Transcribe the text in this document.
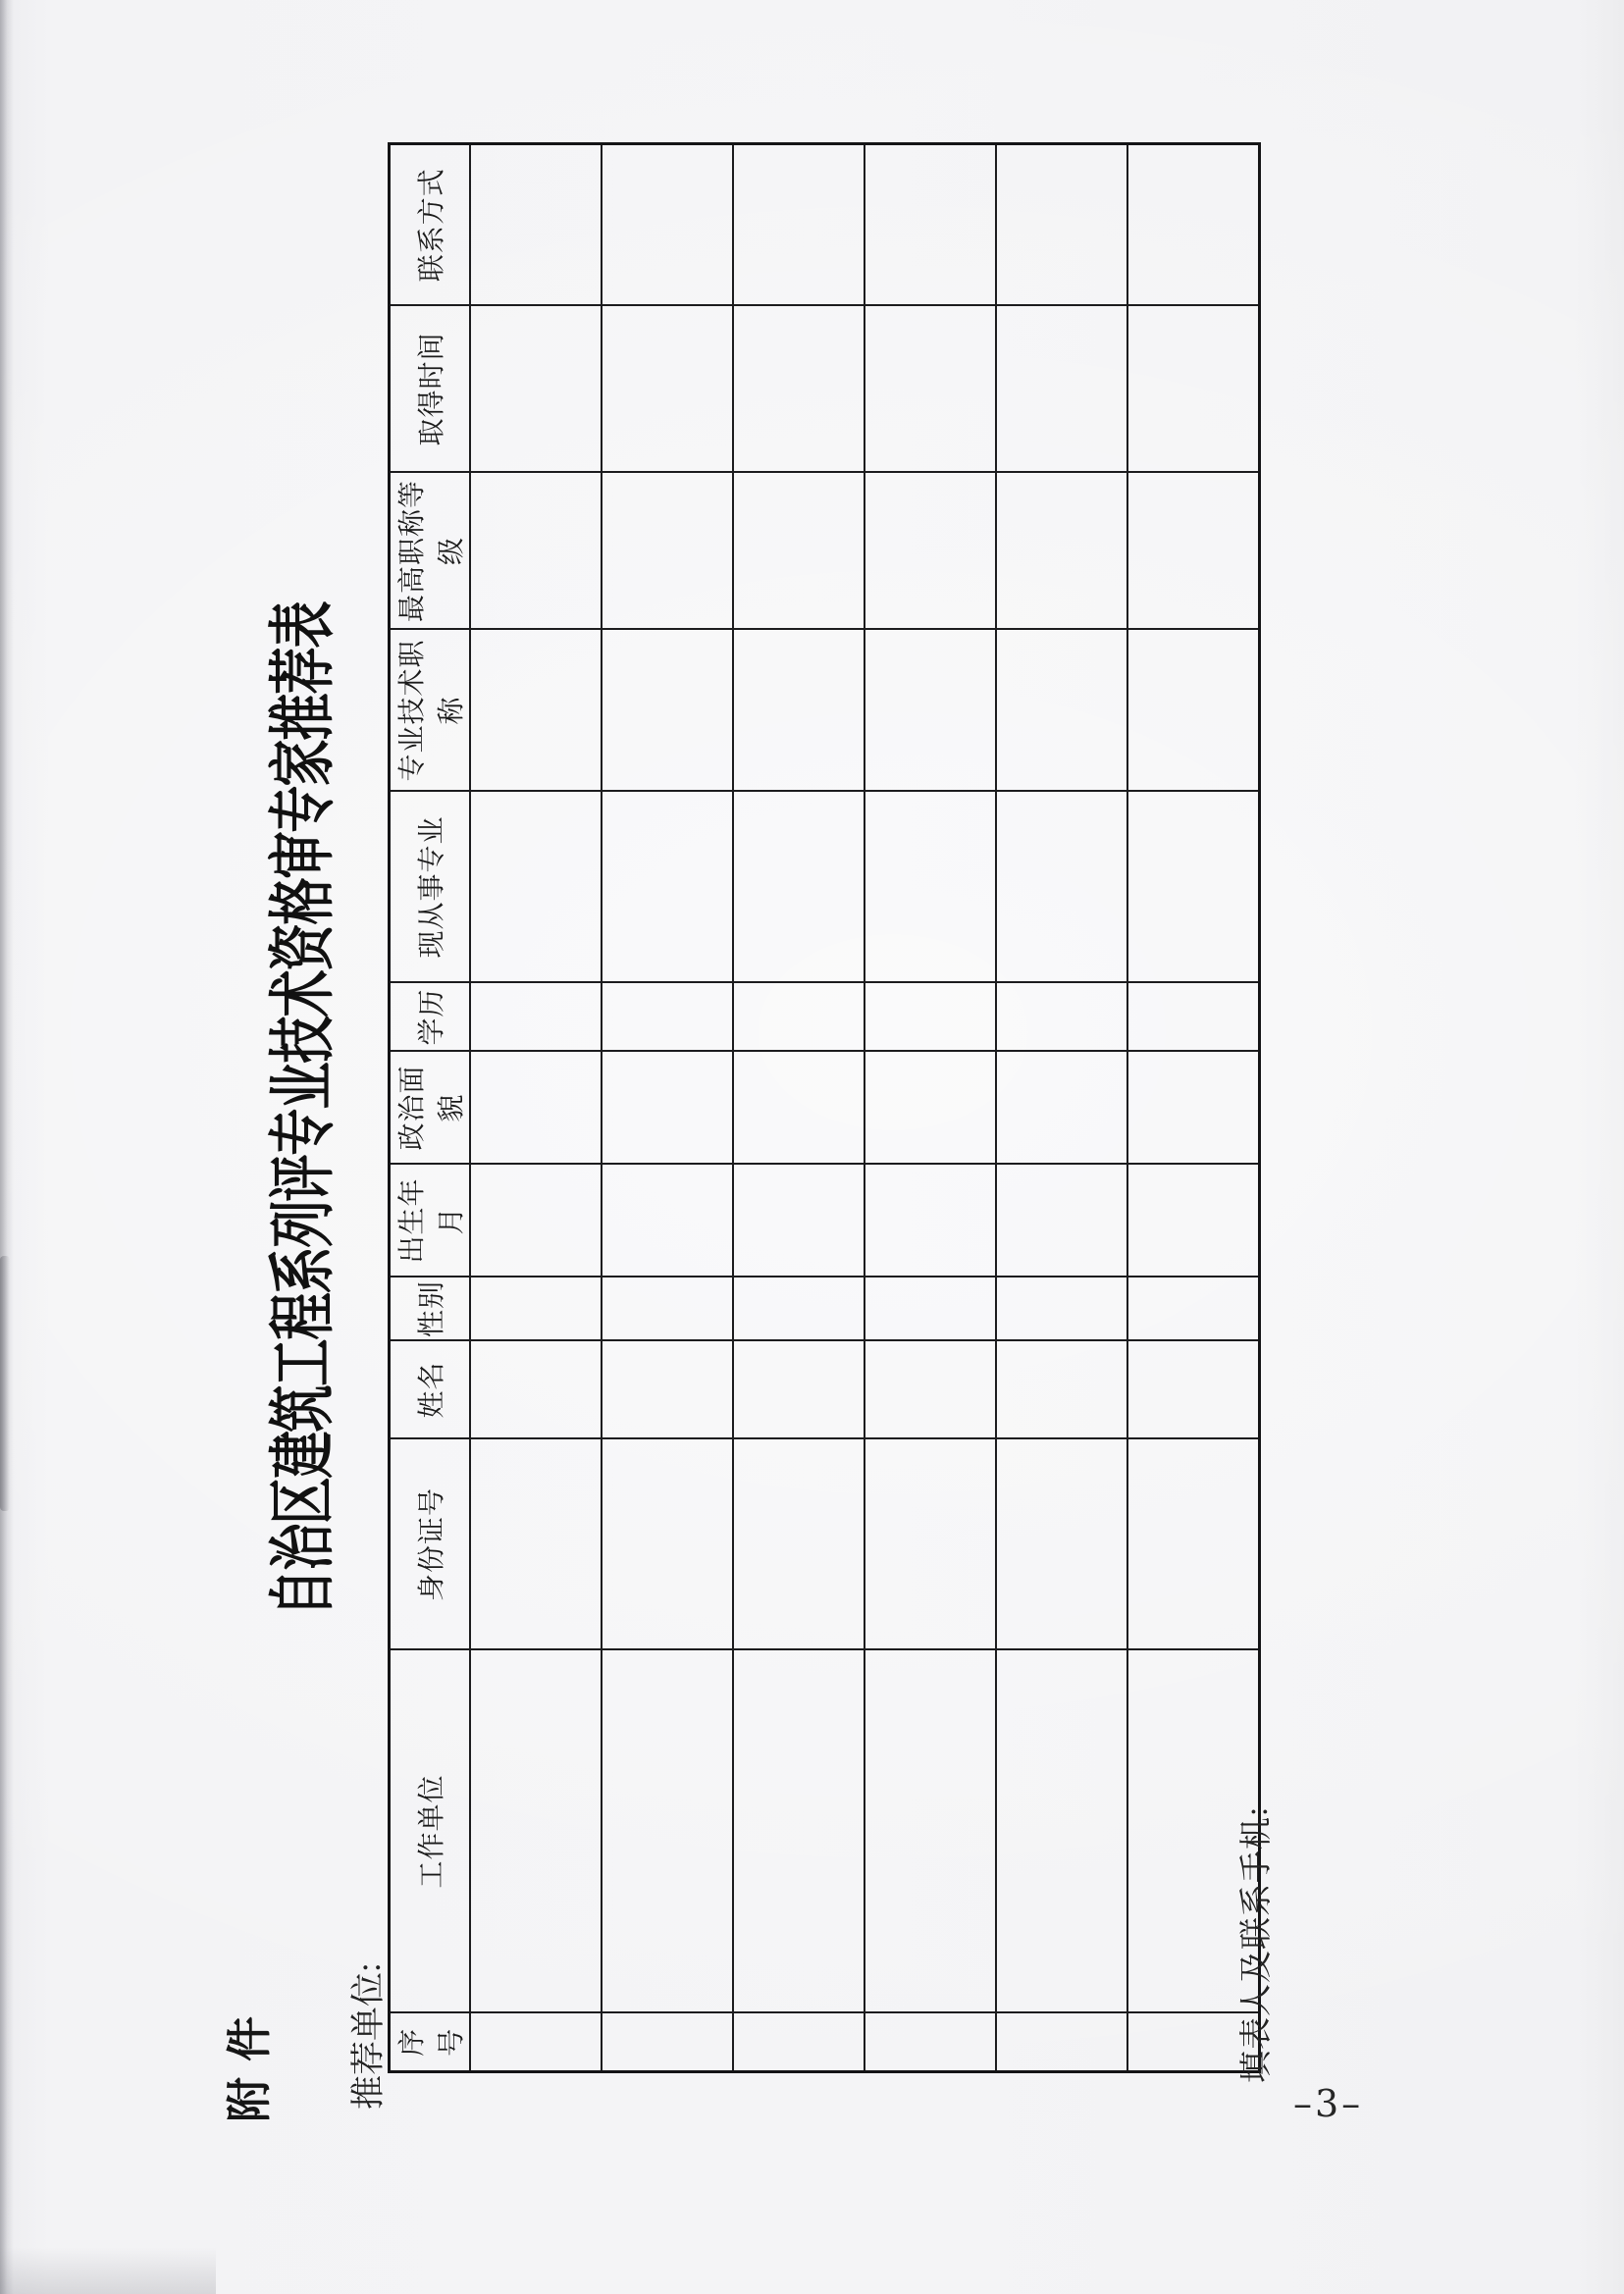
附件
自治区建筑工程系列评专业技术资格审专家推荐表
推荐单位: 序号	工作单位	身份证号	姓名	性别	出生年月	政治面貌	学历	现从事专业	专业技术职称	最高职称等级	取得时间	联系方式

填表人及联系手机:
–3–
